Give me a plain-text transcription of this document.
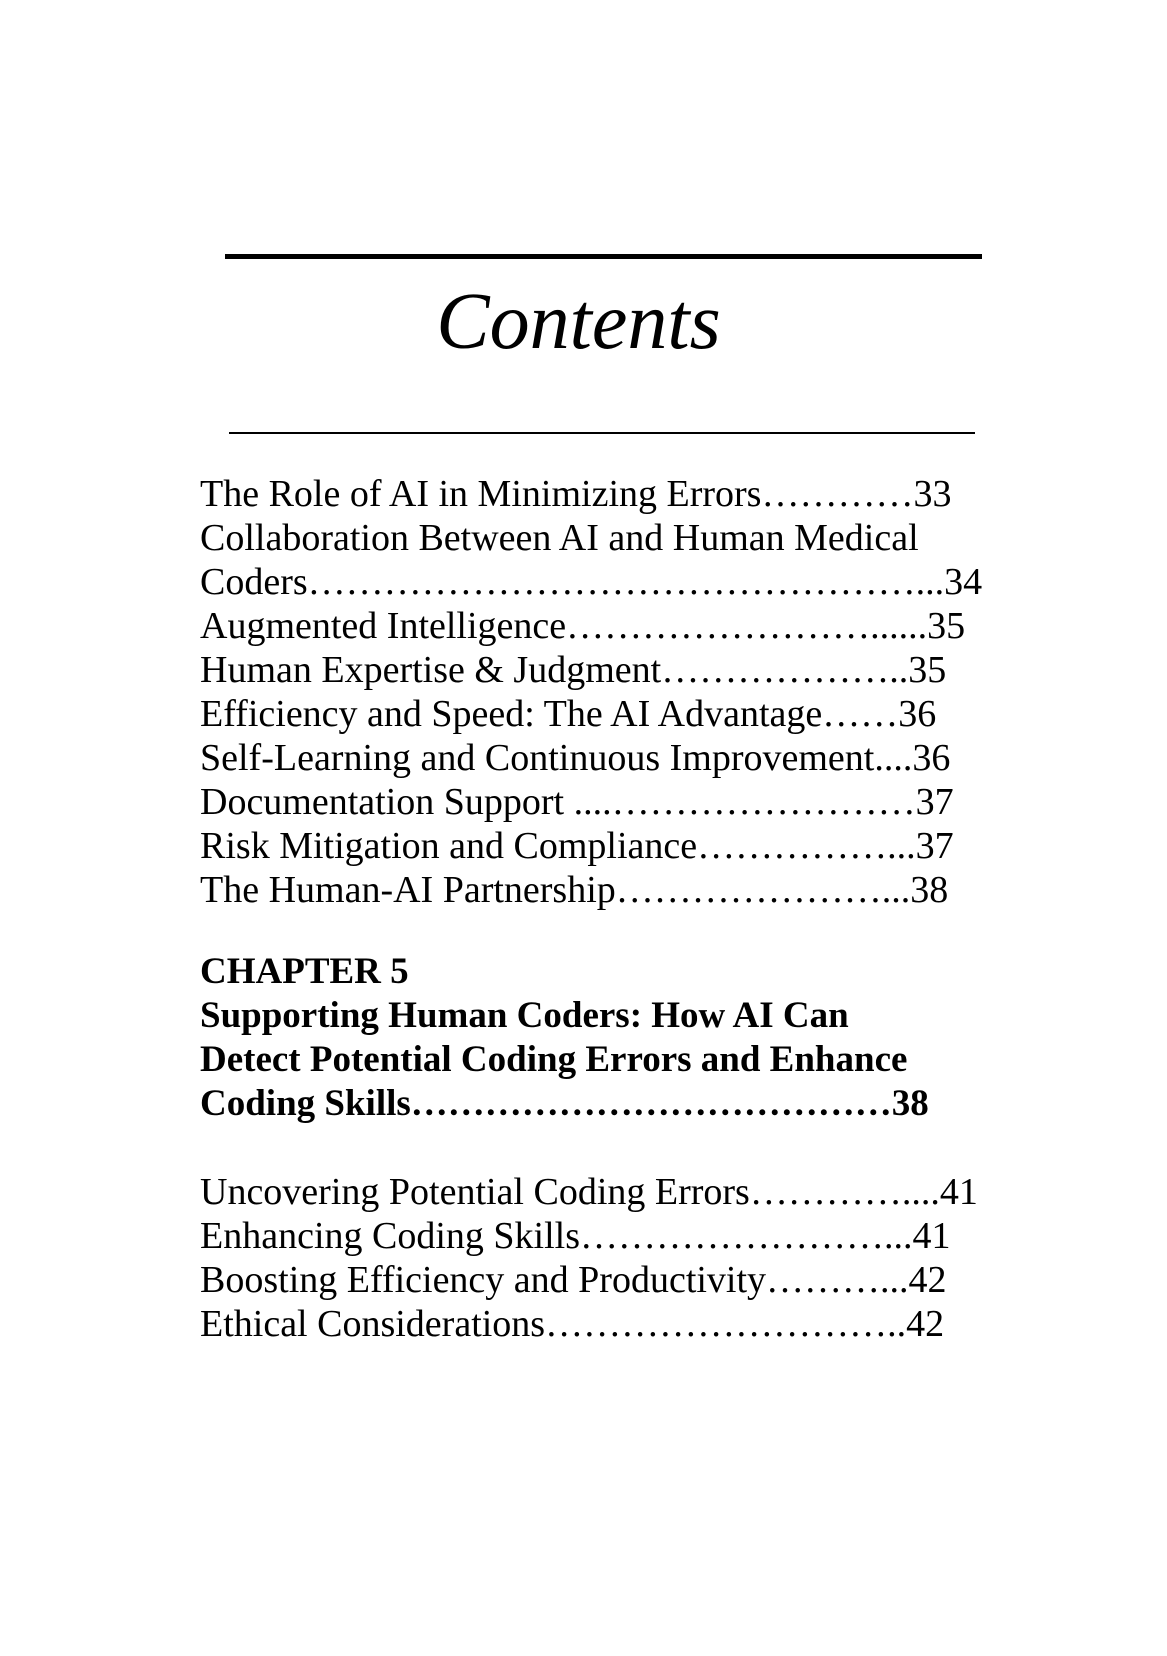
Contents
The Role of AI in Minimizing Errors…………33
Collaboration Between AI and Human Medical
Coders…………………………………………...34
Augmented Intelligence……………………......35
Human Expertise & Judgment………………..35
Efficiency and Speed: The AI Advantage……36
Self-Learning and Continuous Improvement....36
Documentation Support ....……………………37
Risk Mitigation and Compliance……………...37
The Human-AI Partnership…………………...38
CHAPTER 5
Supporting Human Coders: How AI Can
Detect Potential Coding Errors and Enhance
Coding Skills…………………………………38
Uncovering Potential Coding Errors…………....41
Enhancing Coding Skills……………………...41
Boosting Efficiency and Productivity………...42
Ethical Considerations………………………..42
